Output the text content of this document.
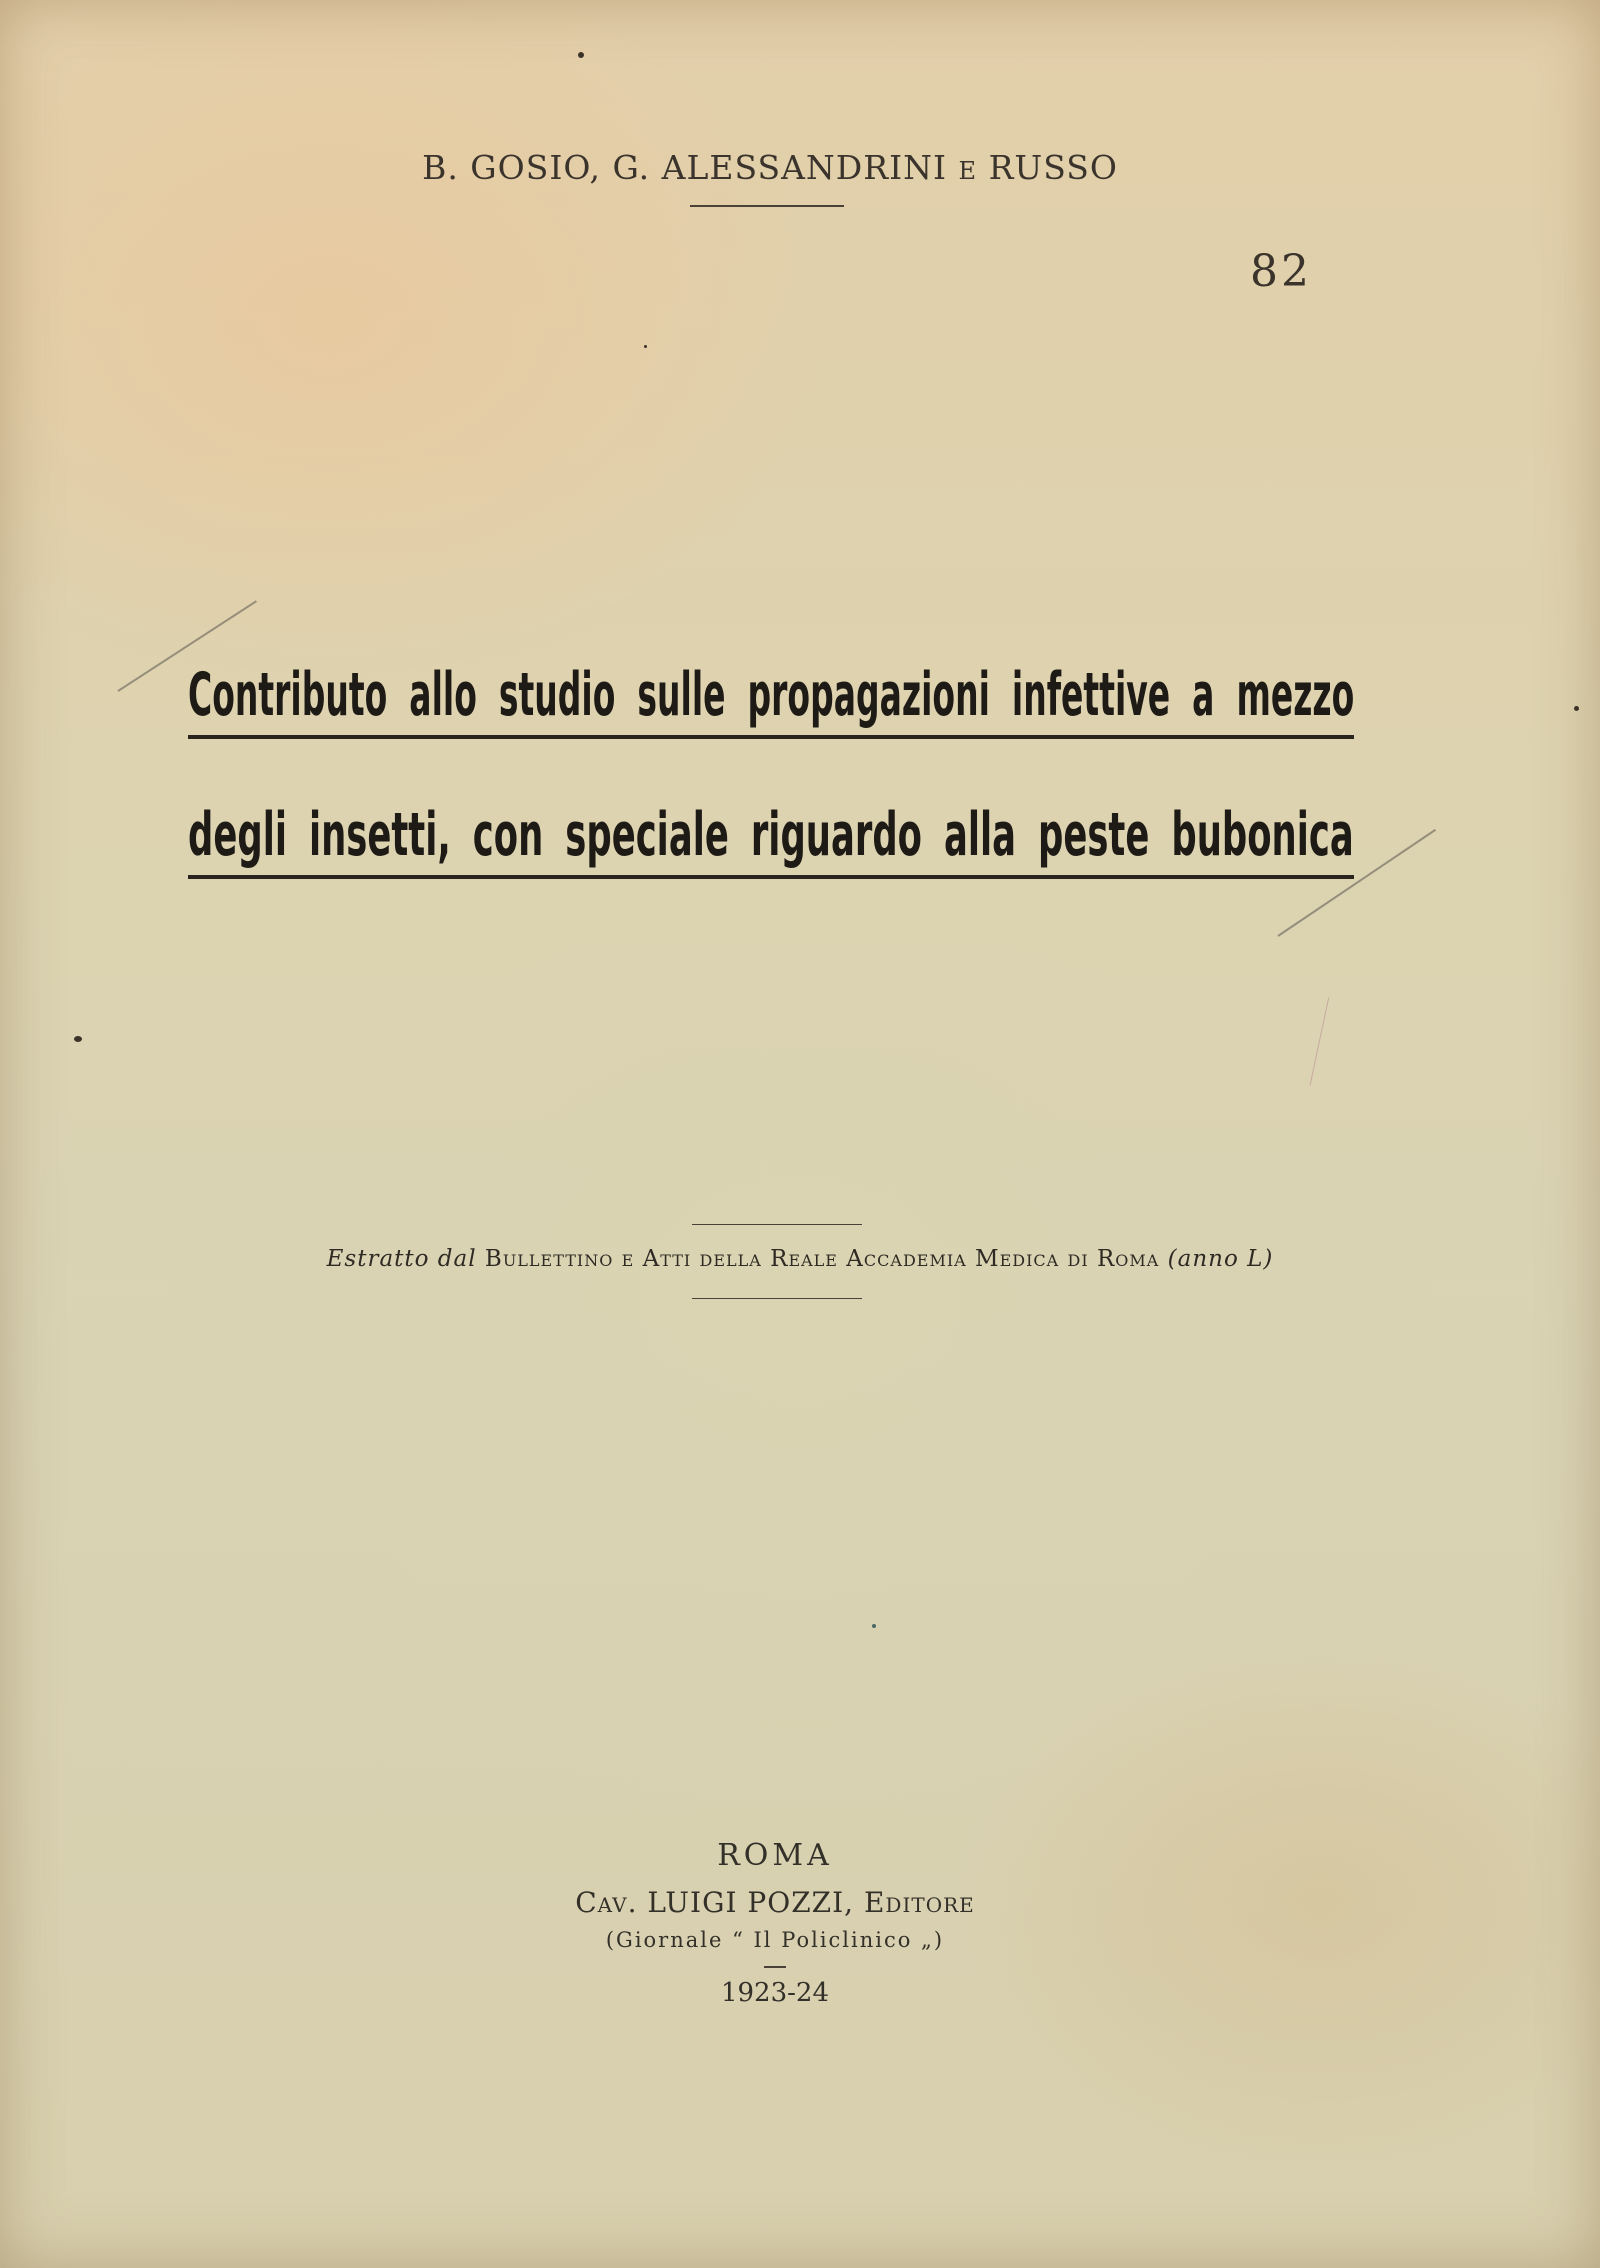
B. GOSIO, G. ALESSANDRINI E RUSSO
82
Contributo allo studio sulle propagazioni infettive a mezzo
degli insetti, con speciale riguardo alla peste bubonica
Estratto dal Bullettino e Atti della Reale Accademia Medica di Roma (anno L)
ROMA
Cav. LUIGI POZZI, Editore
(Giornale “ Il Policlinico „)
1923-24
